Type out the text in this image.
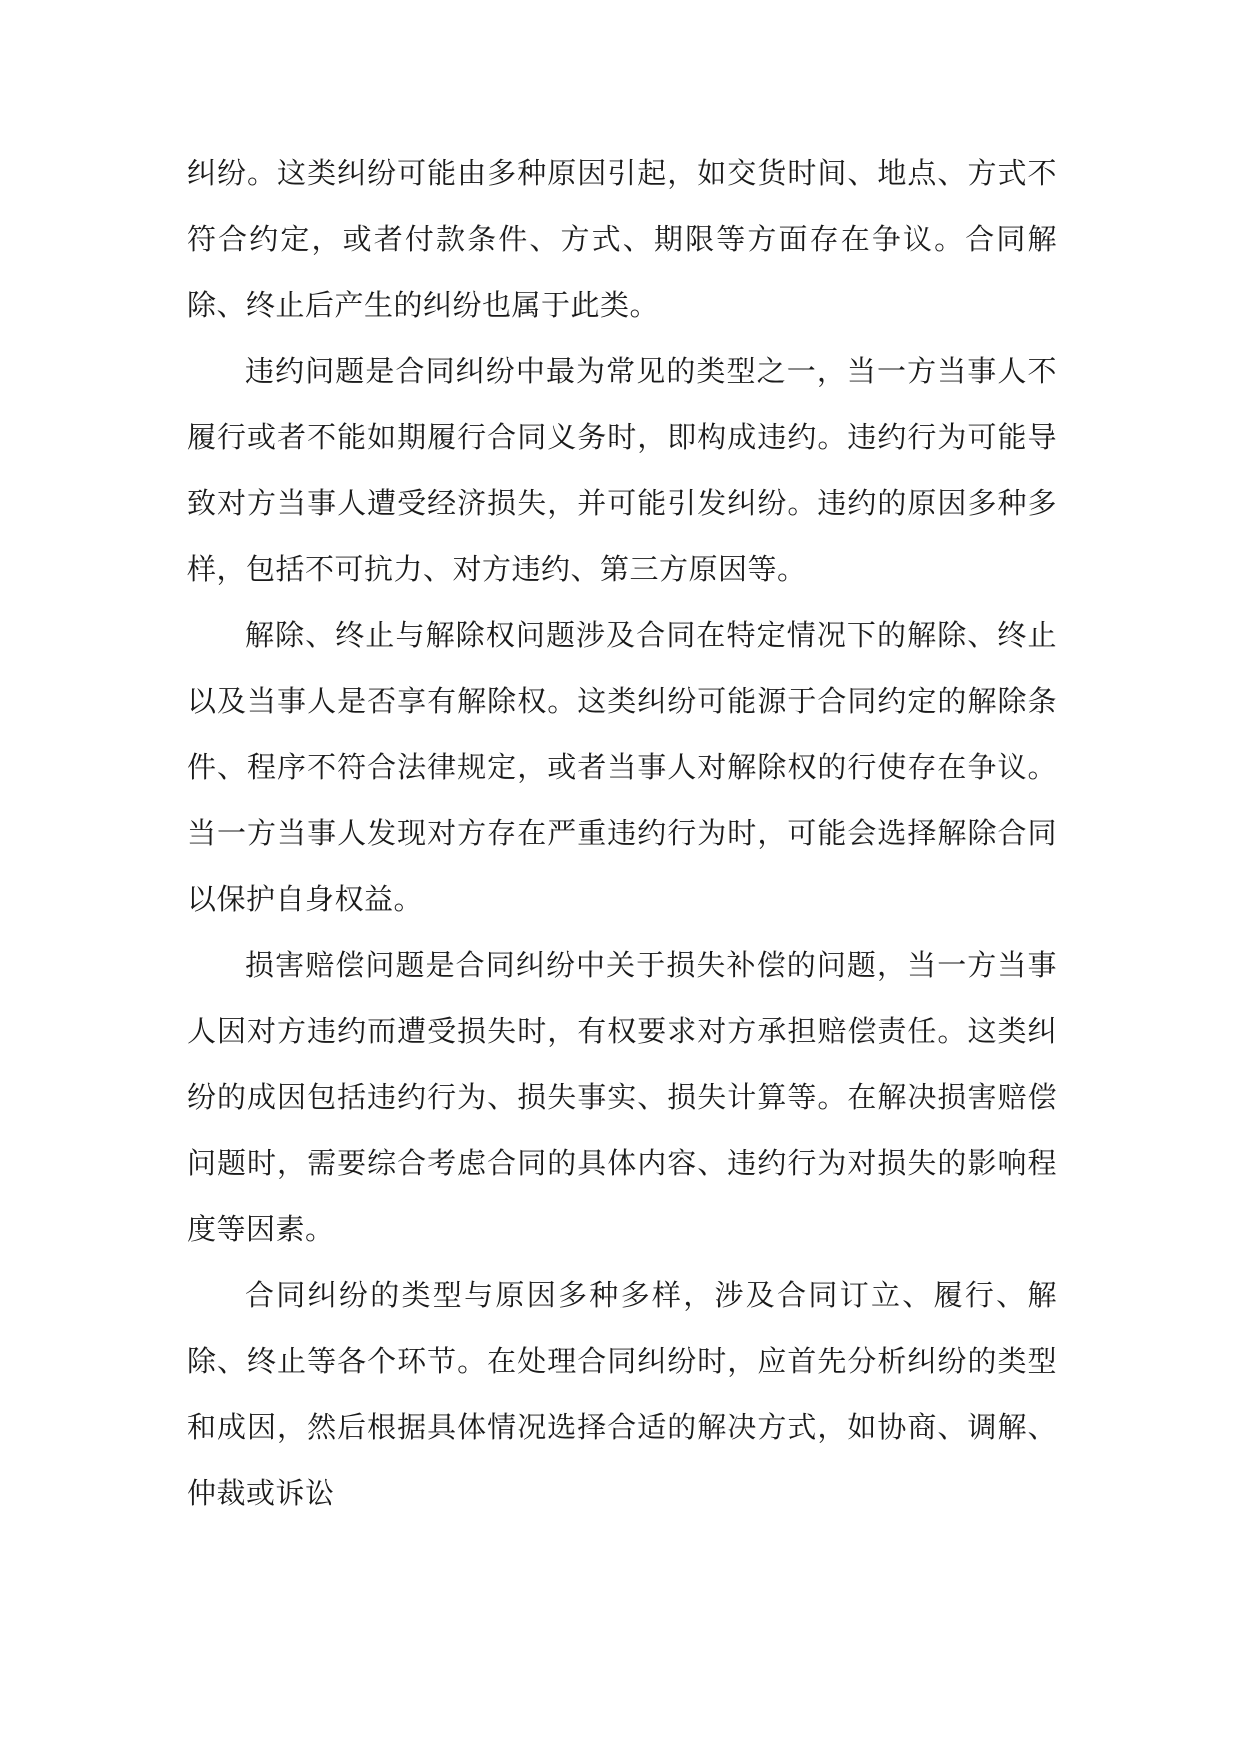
纠纷。这类纠纷可能由多种原因引起，如交货时间、地点、方式不符合约定，或者付款条件、方式、期限等方面存在争议。合同解除、终止后产生的纠纷也属于此类。

违约问题是合同纠纷中最为常见的类型之一，当一方当事人不履行或者不能如期履行合同义务时，即构成违约。违约行为可能导致对方当事人遭受经济损失，并可能引发纠纷。违约的原因多种多样，包括不可抗力、对方违约、第三方原因等。

解除、终止与解除权问题涉及合同在特定情况下的解除、终止以及当事人是否享有解除权。这类纠纷可能源于合同约定的解除条件、程序不符合法律规定，或者当事人对解除权的行使存在争议。当一方当事人发现对方存在严重违约行为时，可能会选择解除合同以保护自身权益。

损害赔偿问题是合同纠纷中关于损失补偿的问题，当一方当事人因对方违约而遭受损失时，有权要求对方承担赔偿责任。这类纠纷的成因包括违约行为、损失事实、损失计算等。在解决损害赔偿问题时，需要综合考虑合同的具体内容、违约行为对损失的影响程度等因素。

合同纠纷的类型与原因多种多样，涉及合同订立、履行、解除、终止等各个环节。在处理合同纠纷时，应首先分析纠纷的类型和成因，然后根据具体情况选择合适的解决方式，如协商、调解、仲裁或诉讼
